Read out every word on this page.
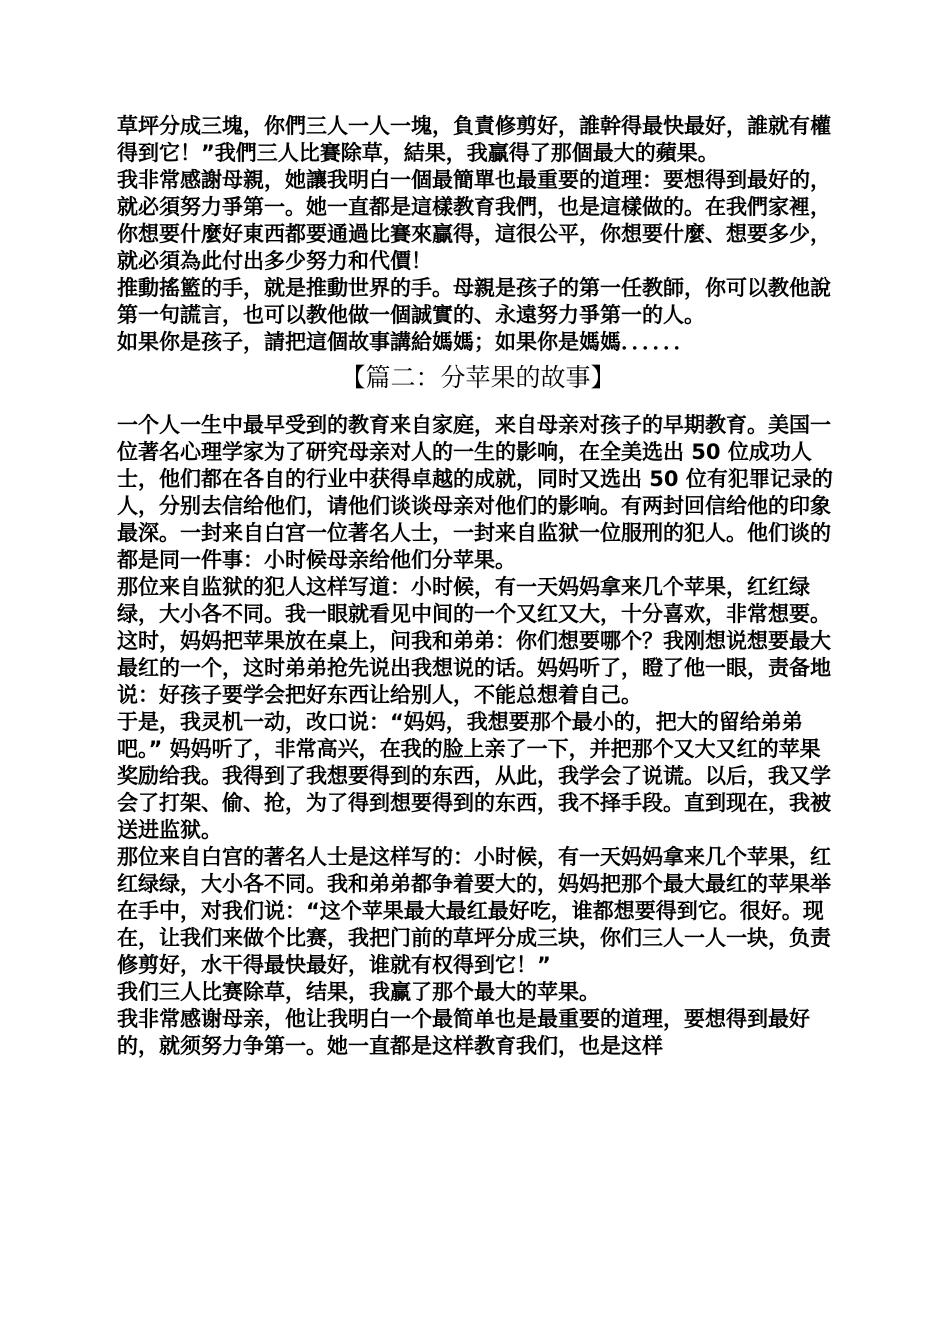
草坪分成三塊，你們三人一人一塊，負責修剪好，誰幹得最快最好，誰就有權得到它！”我們三人比賽除草，結果，我贏得了那個最大的蘋果。

我非常感謝母親，她讓我明白一個最簡單也最重要的道理：要想得到最好的，就必須努力爭第一。她一直都是這樣教育我們，也是這樣做的。在我們家裡，你想要什麼好東西都要通過比賽來贏得，這很公平，你想要什麼、想要多少，就必須為此付出多少努力和代價！

推動搖籃的手，就是推動世界的手。母親是孩子的第一任教師，你可以教他說第一句謊言，也可以教他做一個誠實的、永遠努力爭第一的人。

如果你是孩子，請把這個故事講給媽媽；如果你是媽媽．．．．．．

【篇二：分苹果的故事】

一个人一生中最早受到的教育来自家庭，来自母亲对孩子的早期教育。美国一位著名心理学家为了研究母亲对人的一生的影响，在全美选出 50 位成功人士，他们都在各自的行业中获得卓越的成就，同时又选出 50 位有犯罪记录的人，分别去信给他们，请他们谈谈母亲对他们的影响。有两封回信给他的印象最深。一封来自白宫一位著名人士，一封来自监狱一位服刑的犯人。他们谈的都是同一件事：小时候母亲给他们分苹果。

那位来自监狱的犯人这样写道：小时候，有一天妈妈拿来几个苹果，红红绿绿，大小各不同。我一眼就看见中间的一个又红又大，十分喜欢，非常想要。这时，妈妈把苹果放在桌上，问我和弟弟：你们想要哪个？我刚想说想要最大最红的一个，这时弟弟抢先说出我想说的话。妈妈听了，瞪了他一眼，责备地说：好孩子要学会把好东西让给别人，不能总想着自己。

于是，我灵机一动，改口说：“妈妈，我想要那个最小的，把大的留给弟弟吧。” 妈妈听了，非常高兴，在我的脸上亲了一下，并把那个又大又红的苹果奖励给我。我得到了我想要得到的东西，从此，我学会了说谎。以后，我又学会了打架、偷、抢，为了得到想要得到的东西，我不择手段。直到现在，我被送进监狱。

那位来自白宫的著名人士是这样写的：小时候，有一天妈妈拿来几个苹果，红红绿绿，大小各不同。我和弟弟都争着要大的，妈妈把那个最大最红的苹果举在手中，对我们说：“这个苹果最大最红最好吃，谁都想要得到它。很好。现在，让我们来做个比赛，我把门前的草坪分成三块，你们三人一人一块，负责修剪好，水干得最快最好，谁就有权得到它！”

我们三人比赛除草，结果，我赢了那个最大的苹果。

我非常感谢母亲，他让我明白一个最简单也是最重要的道理，要想得到最好的，就须努力争第一。她一直都是这样教育我们，也是这样
